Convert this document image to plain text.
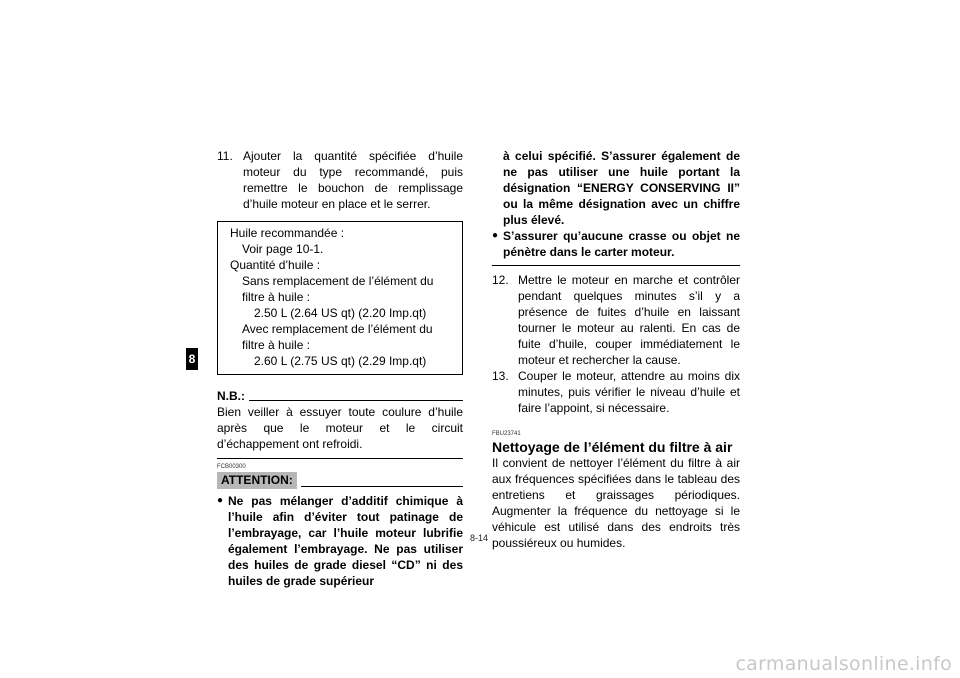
8
11. Ajouter la quantité spécifiée d’huile moteur du type recommandé, puis remettre le bouchon de remplissage d’huile moteur en place et le serrer.

Huile recommandée :

Voir page 10-1.

Quantité d’huile :

Sans remplacement de l’élément du filtre à huile :

2.50 L (2.64 US qt) (2.20 Imp.qt)

Avec remplacement de l’élément du filtre à huile :

2.60 L (2.75 US qt) (2.29 Imp.qt)

N.B.:

Bien veiller à essuyer toute coulure d’huile après que le moteur et le circuit d’échappement ont refroidi.

FCB00300

ATTENTION:
● Ne pas mélanger d’additif chimique à l’huile afin d’éviter tout patinage de l’embrayage, car l’huile moteur lubrifie également l’embrayage. Ne pas utiliser des huiles de grade diesel “CD” ni des huiles de grade supérieur

à celui spécifié. S’assurer également de ne pas utiliser une huile portant la désignation “ENERGY CONSERVING II” ou la même désignation avec un chiffre plus élevé.

● S’assurer qu’aucune crasse ou objet ne pénètre dans le carter moteur.
12. Mettre le moteur en marche et contrôler pendant quelques minutes s’il y a présence de fuites d’huile en laissant tourner le moteur au ralenti. En cas de fuite d’huile, couper immédiatement le moteur et rechercher la cause.
13. Couper le moteur, attendre au moins dix minutes, puis vérifier le niveau d’huile et faire l’appoint, si nécessaire.

FBU23741

Nettoyage de l’élément du filtre à air

Il convient de nettoyer l’élément du filtre à air aux fréquences spécifiées dans le tableau des entretiens et graissages périodiques. Augmenter la fréquence du nettoyage si le véhicule est utilisé dans des endroits très poussiéreux ou humides.

8-14
carmanualsonline.info
